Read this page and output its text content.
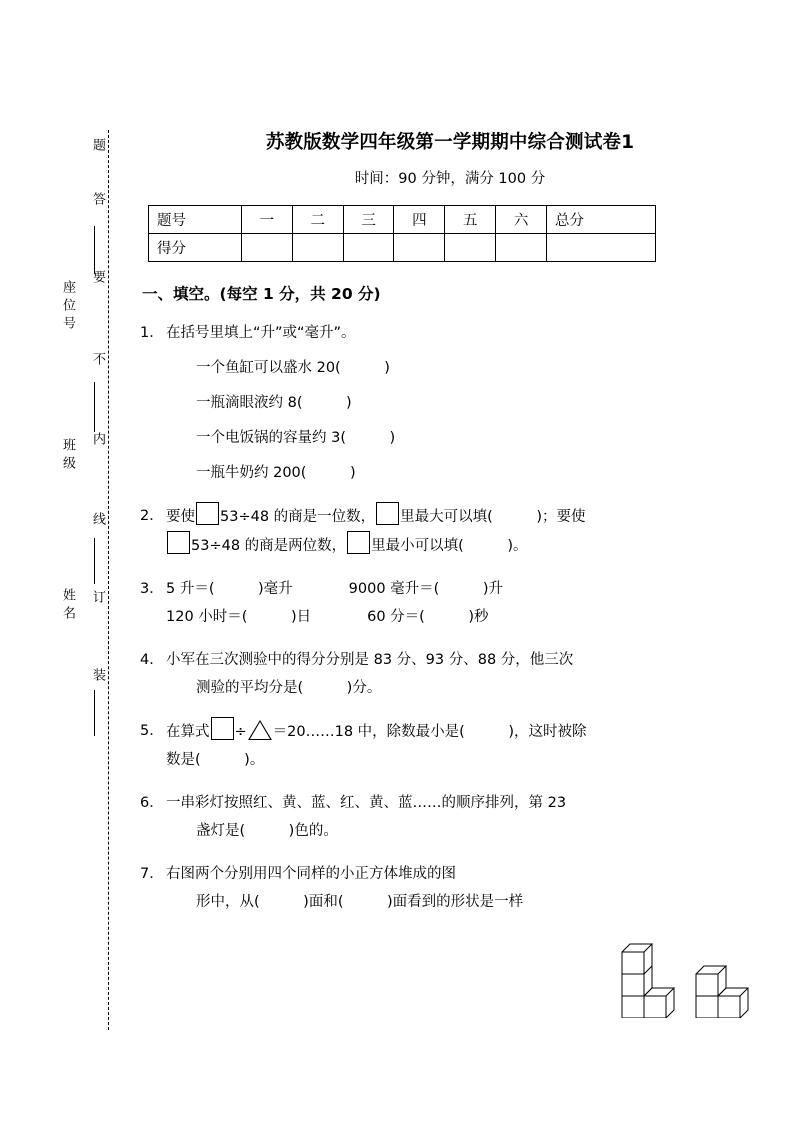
题
答
要
不
内
线
订
装
座位号
班级
姓名
苏教版数学四年级第一学期期中综合测试卷1
时间：90 分钟，满分 100 分
题号	一	二	三	四	五	六	总分
得分							
一、填空。(每空 1 分，共 20 分)
1． 在括号里填上“升”或“毫升”。
一个鱼缸可以盛水 20(　　　)
一瓶滴眼液约 8(　　　)
一个电饭锅的容量约 3(　　　)
一瓶牛奶约 200(　　　)
2． 要使 53÷48 的商是一位数， 里最大可以填(　　　)；要使
53÷48 的商是两位数， 里最小可以填(　　　)。
3． 5 升＝(　　　)毫升	9000 毫升＝(　　　)升
120 小时＝(　　　)日	60 分＝(　　　)秒
4． 小军在三次测验中的得分分别是 83 分、93 分、88 分，他三次
测验的平均分是(　　　)分。
5． 在算式 ÷ ＝20……18 中，除数最小是(　　　)，这时被除
数是(　　　)。
6． 一串彩灯按照红、黄、蓝、红、黄、蓝……的顺序排列，第 23
盏灯是(　　　)色的。
7． 右图两个分别用四个同样的小正方体堆成的图
形中，从(　　　)面和(　　　)面看到的形状是一样
